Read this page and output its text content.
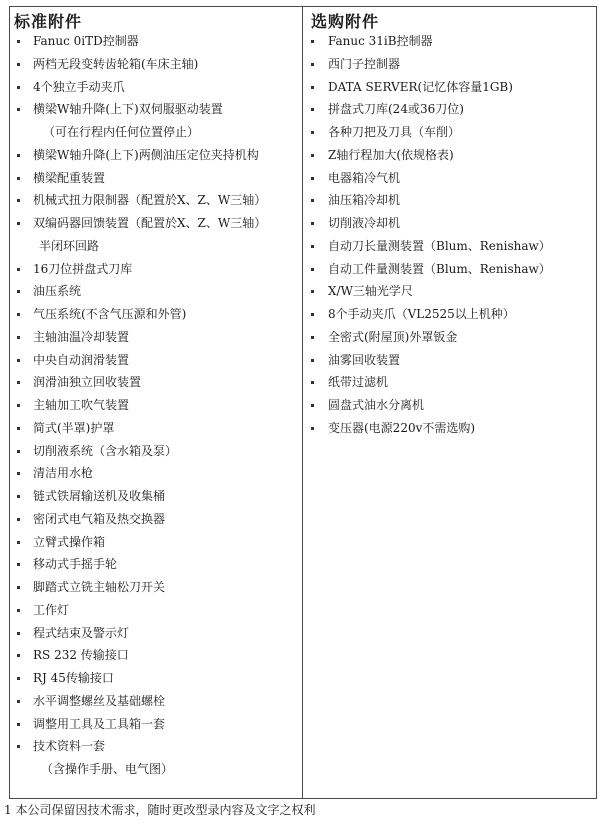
标准附件
Fanuc 0iTD控制器
两档无段变转齿轮箱(车床主轴)
4个独立手动夹爪
横梁W轴升降(上下)双伺服驱动装置
（可在行程内任何位置停止）
横梁W轴升降(上下)两侧油压定位夹持机构
横梁配重装置
机械式扭力限制器（配置於X、Z、W三轴）
双编码器回馈装置（配置於X、Z、W三轴）
半闭环回路
16刀位拼盘式刀库
油压系统
气压系统(不含气压源和外管)
主轴油温冷却装置
中央自动润滑装置
润滑油独立回收装置
主轴加工吹气装置
简式(半罩)护罩
切削液系统（含水箱及泵）
清洁用水枪
链式铁屑输送机及收集桶
密闭式电气箱及热交换器
立臂式操作箱
移动式手摇手轮
脚踏式立铣主轴松刀开关
工作灯
程式结束及警示灯
RS 232 传输接口
RJ 45传输接口
水平调整螺丝及基础螺栓
调整用工具及工具箱一套
技术资料一套
（含操作手册、电气图）
选购附件
Fanuc 31iB控制器
西门子控制器
DATA SERVER(记忆体容量1GB)
拼盘式刀库(24或36刀位)
各种刀把及刀具（车削）
Z轴行程加大(依规格表)
电器箱冷气机
油压箱冷却机
切削液冷却机
自动刀长量测装置（Blum、Renishaw）
自动工件量测装置（Blum、Renishaw）
X/W三轴光学尺
8个手动夹爪（VL2525以上机种）
全密式(附屋顶)外罩钣金
油雾回收装置
纸带过滤机
圆盘式油水分离机
变压器(电源220v不需选购)
1 本公司保留因技术需求，随时更改型录内容及文字之权利
